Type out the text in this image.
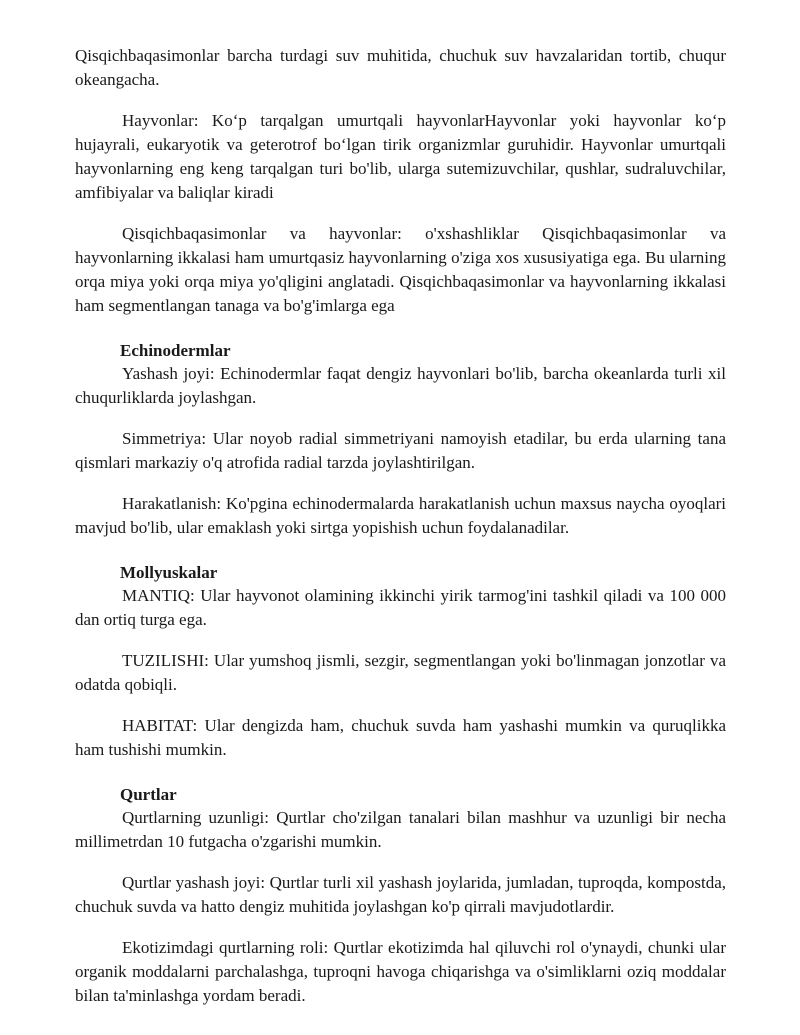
Qisqichbaqasimonlar barcha turdagi suv muhitida, chuchuk suv havzalaridan tortib, chuqur okeangacha.

Hayvonlar: Ko‘p tarqalgan umurtqali hayvonlarHayvonlar yoki hayvonlar ko‘p hujayrali, eukaryotik va geterotrof bo‘lgan tirik organizmlar guruhidir. Hayvonlar umurtqali hayvonlarning eng keng tarqalgan turi bo'lib, ularga sutemizuvchilar, qushlar, sudraluvchilar, amfibiyalar va baliqlar kiradi

Qisqichbaqasimonlar va hayvonlar: o'xshashliklar Qisqichbaqasimonlar va hayvonlarning ikkalasi ham umurtqasiz hayvonlarning o'ziga xos xususiyatiga ega. Bu ularning orqa miya yoki orqa miya yo'qligini anglatadi. Qisqichbaqasimonlar va hayvonlarning ikkalasi ham segmentlangan tanaga va bo'g'imlarga ega

Echinodermlar

Yashash joyi: Echinodermlar faqat dengiz hayvonlari bo'lib, barcha okeanlarda turli xil chuqurliklarda joylashgan.

Simmetriya: Ular noyob radial simmetriyani namoyish etadilar, bu erda ularning tana qismlari markaziy o'q atrofida radial tarzda joylashtirilgan.

Harakatlanish: Ko'pgina echinodermalarda harakatlanish uchun maxsus naycha oyoqlari mavjud bo'lib, ular emaklash yoki sirtga yopishish uchun foydalanadilar.

Mollyuskalar

MANTIQ: Ular hayvonot olamining ikkinchi yirik tarmog'ini tashkil qiladi va 100 000 dan ortiq turga ega.

TUZILISHI: Ular yumshoq jismli, sezgir, segmentlangan yoki bo'linmagan jonzotlar va odatda qobiqli.

HABITAT: Ular dengizda ham, chuchuk suvda ham yashashi mumkin va quruqlikka ham tushishi mumkin.

Qurtlar

Qurtlarning uzunligi: Qurtlar cho'zilgan tanalari bilan mashhur va uzunligi bir necha millimetrdan 10 futgacha o'zgarishi mumkin.

Qurtlar yashash joyi: Qurtlar turli xil yashash joylarida, jumladan, tuproqda, kompostda, chuchuk suvda va hatto dengiz muhitida joylashgan ko'p qirrali mavjudotlardir.

Ekotizimdagi qurtlarning roli: Qurtlar ekotizimda hal qiluvchi rol o'ynaydi, chunki ular organik moddalarni parchalashga, tuproqni havoga chiqarishga va o'simliklarni oziq moddalar bilan ta'minlashga yordam beradi.
